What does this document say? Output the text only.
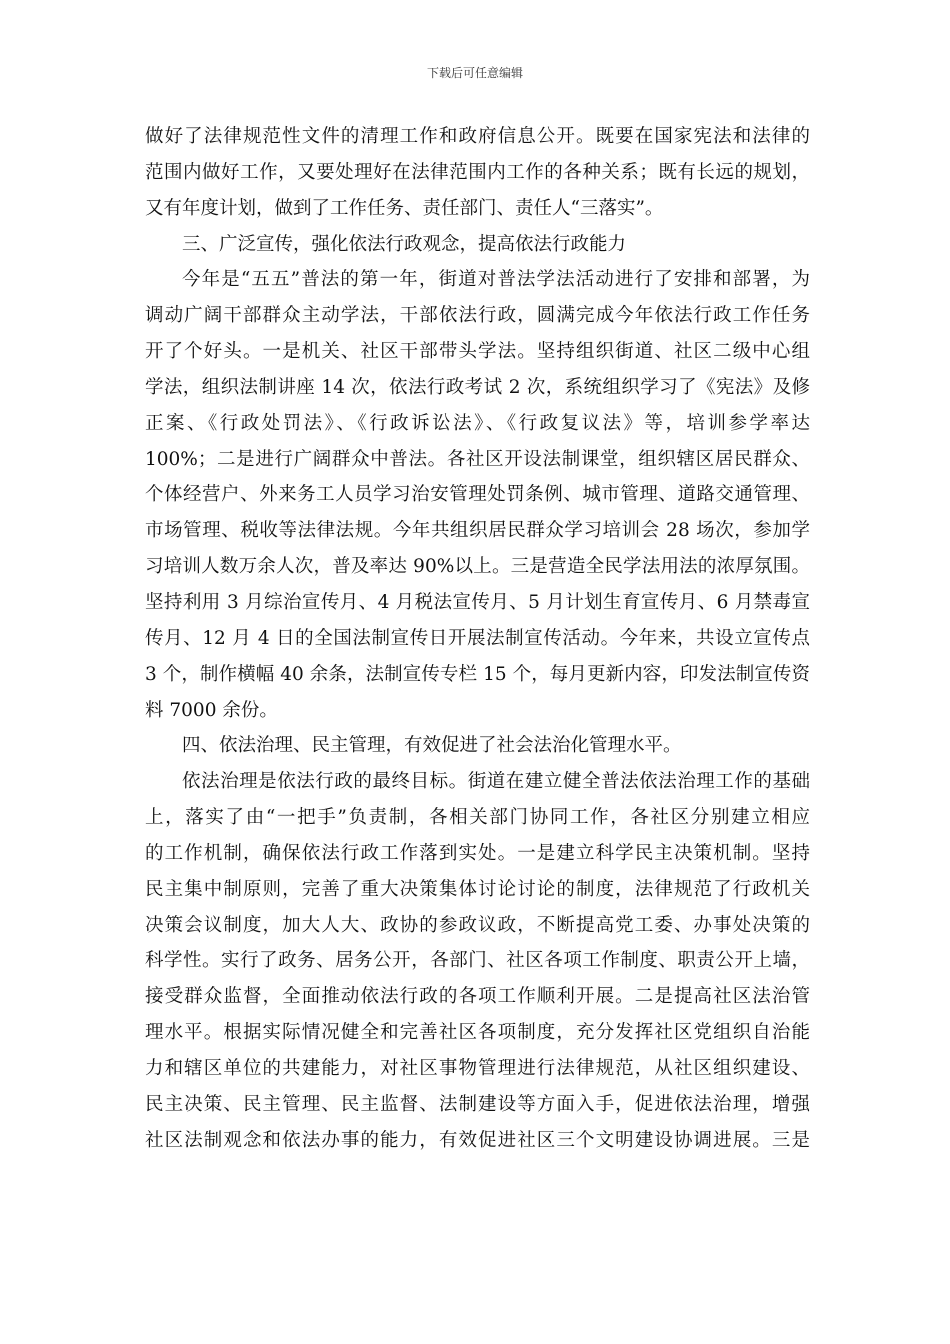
下载后可任意编辑
做好了法律规范性文件的清理工作和政府信息公开。既要在国家宪法和法律的
范围内做好工作，又要处理好在法律范围内工作的各种关系；既有长远的规划，
又有年度计划，做到了工作任务、责任部门、责任人“三落实”。
三、广泛宣传，强化依法行政观念，提高依法行政能力
今年是“五五”普法的第一年，街道对普法学法活动进行了安排和部署，为
调动广阔干部群众主动学法，干部依法行政，圆满完成今年依法行政工作任务
开了个好头。一是机关、社区干部带头学法。坚持组织街道、社区二级中心组
学法，组织法制讲座 14 次，依法行政考试 2 次，系统组织学习了《宪法》及修
正案、《行政处罚法》、《行政诉讼法》、《行政复议法》等，培训参学率达
100%；二是进行广阔群众中普法。各社区开设法制课堂，组织辖区居民群众、
个体经营户、外来务工人员学习治安管理处罚条例、城市管理、道路交通管理、
市场管理、税收等法律法规。今年共组织居民群众学习培训会 28 场次，参加学
习培训人数万余人次，普及率达 90%以上。三是营造全民学法用法的浓厚氛围。
坚持利用 3 月综治宣传月、4 月税法宣传月、5 月计划生育宣传月、6 月禁毒宣
传月、12 月 4 日的全国法制宣传日开展法制宣传活动。今年来，共设立宣传点
3 个，制作横幅 40 余条，法制宣传专栏 15 个，每月更新内容，印发法制宣传资
料 7000 余份。
四、依法治理、民主管理，有效促进了社会法治化管理水平。
依法治理是依法行政的最终目标。街道在建立健全普法依法治理工作的基础
上，落实了由“一把手”负责制，各相关部门协同工作，各社区分别建立相应
的工作机制，确保依法行政工作落到实处。一是建立科学民主决策机制。坚持
民主集中制原则，完善了重大决策集体讨论讨论的制度，法律规范了行政机关
决策会议制度，加大人大、政协的参政议政，不断提高党工委、办事处决策的
科学性。实行了政务、居务公开，各部门、社区各项工作制度、职责公开上墙，
接受群众监督，全面推动依法行政的各项工作顺利开展。二是提高社区法治管
理水平。根据实际情况健全和完善社区各项制度，充分发挥社区党组织自治能
力和辖区单位的共建能力，对社区事物管理进行法律规范，从社区组织建设、
民主决策、民主管理、民主监督、法制建设等方面入手，促进依法治理，增强
社区法制观念和依法办事的能力，有效促进社区三个文明建设协调进展。三是
